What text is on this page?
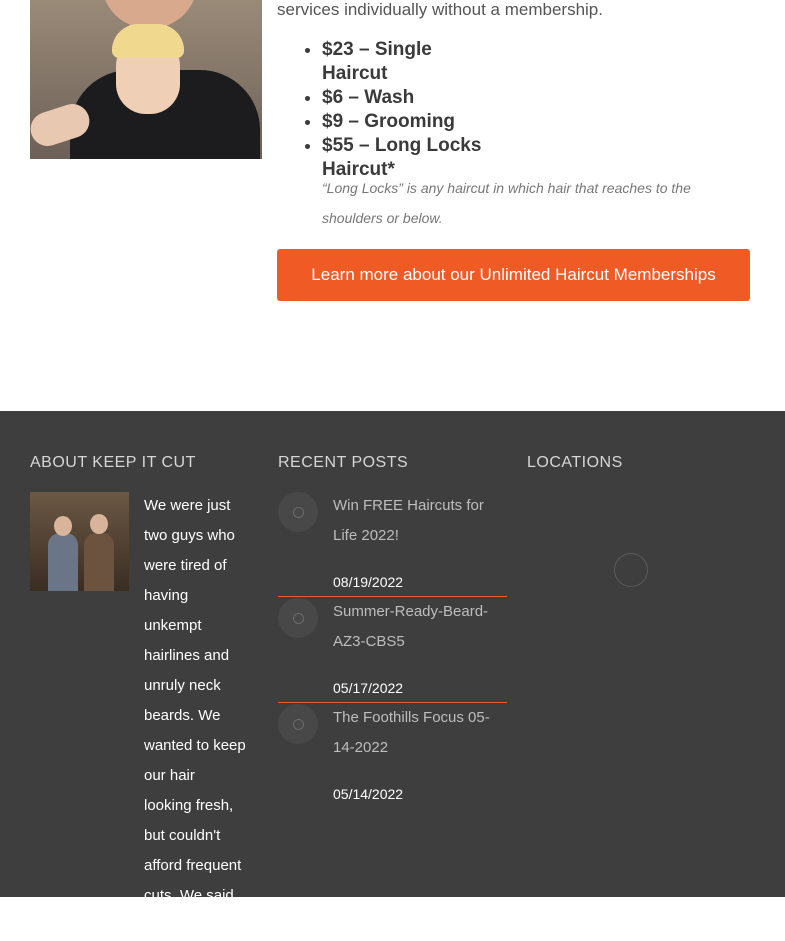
services individually without a membership.

• $23 – Single Haircut
• $6 – Wash
• $9 – Grooming
• $55 – Long Locks Haircut*

“Long Locks” is any haircut in which hair that reaches to the shoulders or below.

Learn more about our Unlimited Haircut Memberships
ABOUT KEEP IT CUT

We were just two guys who were tired of having unkempt hairlines and unruly neck beards. We wanted to keep our hair looking fresh, but couldn't afford frequent cuts. We said “I

RECENT POSTS

Win FREE Haircuts for Life 2022!

08/19/2022

Summer-Ready-Beard-AZ3-CBS5

05/17/2022

The Foothills Focus 05-14-2022

05/14/2022

LOCATIONS
